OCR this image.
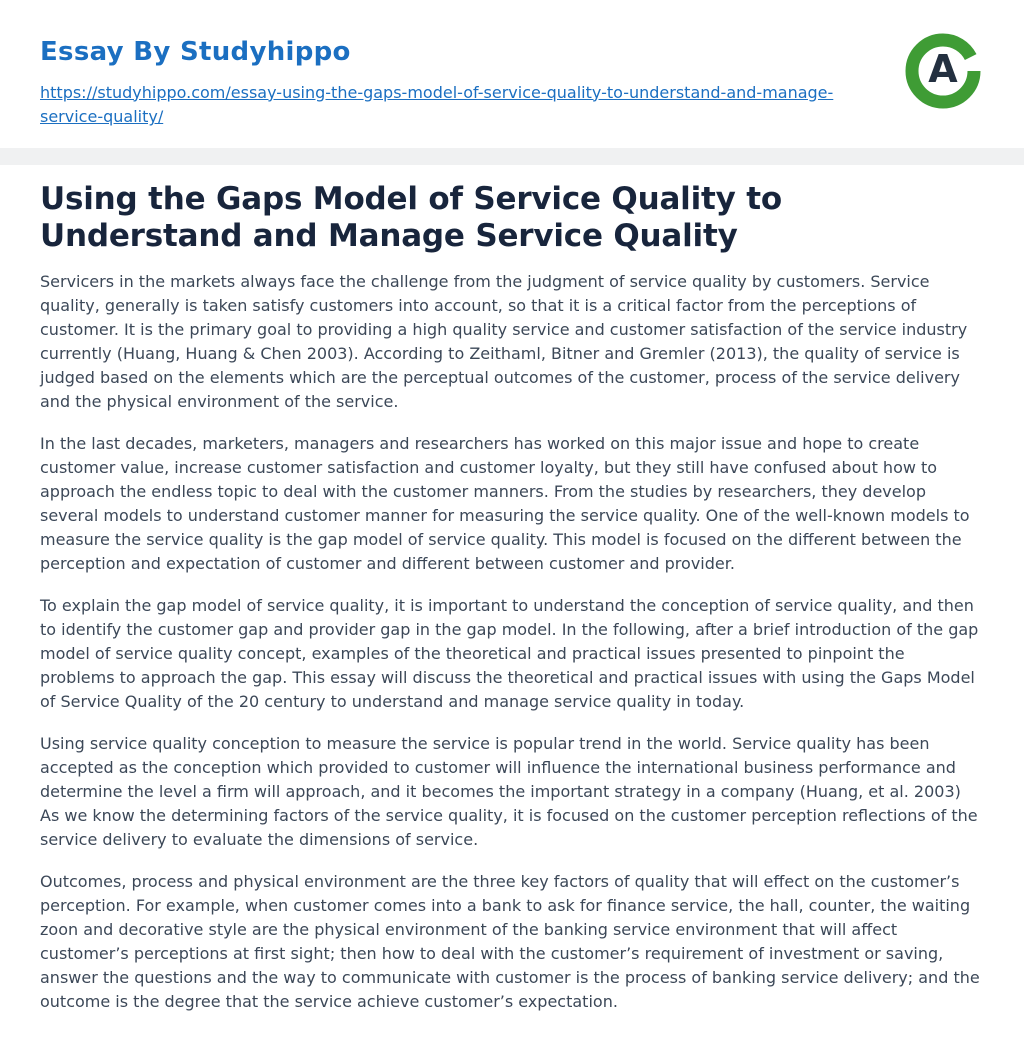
Essay By Studyhippo
https://studyhippo.com/essay-using-the-gaps-model-of-service-quality-to-understand-and-manage-service-quality/
A
Using the Gaps Model of Service Quality to Understand and Manage Service Quality

Servicers in the markets always face the challenge from the judgment of service quality by customers. Service quality, generally is taken satisfy customers into account, so that it is a critical factor from the perceptions of customer. It is the primary goal to providing a high quality service and customer satisfaction of the service industry currently (Huang, Huang & Chen 2003). According to Zeithaml, Bitner and Gremler (2013), the quality of service is judged based on the elements which are the perceptual outcomes of the customer, process of the service delivery and the physical environment of the service.

In the last decades, marketers, managers and researchers has worked on this major issue and hope to create customer value, increase customer satisfaction and customer loyalty, but they still have confused about how to approach the endless topic to deal with the customer manners. From the studies by researchers, they develop several models to understand customer manner for measuring the service quality. One of the well-known models to measure the service quality is the gap model of service quality. This model is focused on the different between the perception and expectation of customer and different between customer and provider.

To explain the gap model of service quality, it is important to understand the conception of service quality, and then to identify the customer gap and provider gap in the gap model. In the following, after a brief introduction of the gap model of service quality concept, examples of the theoretical and practical issues presented to pinpoint the problems to approach the gap. This essay will discuss the theoretical and practical issues with using the Gaps Model of Service Quality of the 20 century to understand and manage service quality in today.

Using service quality conception to measure the service is popular trend in the world. Service quality has been accepted as the conception which provided to customer will influence the international business performance and determine the level a firm will approach, and it becomes the important strategy in a company (Huang, et al. 2003) As we know the determining factors of the service quality, it is focused on the customer perception reflections of the service delivery to evaluate the dimensions of service.

Outcomes, process and physical environment are the three key factors of quality that will effect on the customer’s perception. For example, when customer comes into a bank to ask for finance service, the hall, counter, the waiting zoon and decorative style are the physical environment of the banking service environment that will affect customer’s perceptions at first sight; then how to deal with the customer’s requirement of investment or saving, answer the questions and the way to communicate with customer is the process of banking service delivery; and the outcome is the degree that the service achieve customer’s expectation.
